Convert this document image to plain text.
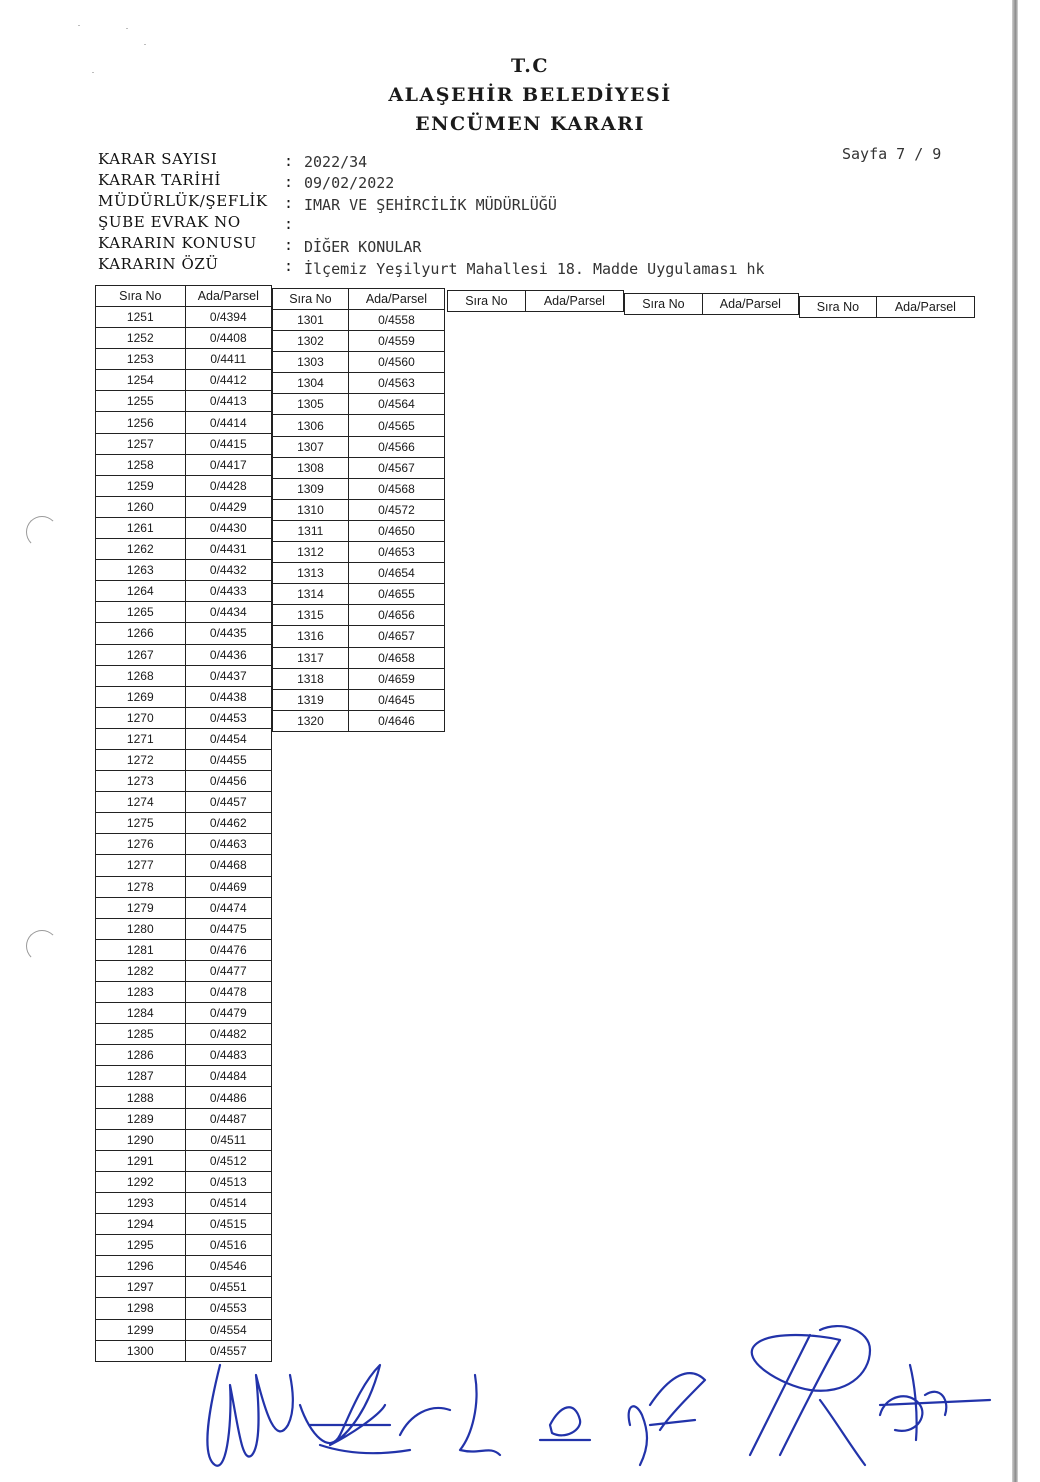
T.C
ALAŞEHİR BELEDİYESİ
ENCÜMEN KARARI
Sayfa 7 / 9
KARAR SAYISI	: 2022/34
KARAR TARİHİ	: 09/02/2022
MÜDÜRLÜK/ŞEFLİK	: IMAR VE ŞEHİRCİLİK MÜDÜRLÜĞÜ
ŞUBE EVRAK NO	:
KARARIN KONUSU	: DİĞER KONULAR
KARARIN ÖZÜ	: İlçemiz Yeşilyurt Mahallesi 18. Madde Uygulaması hk
Sıra No	Ada/Parsel
1251	0/4394
1252	0/4408
1253	0/4411
1254	0/4412
1255	0/4413
1256	0/4414
1257	0/4415
1258	0/4417
1259	0/4428
1260	0/4429
1261	0/4430
1262	0/4431
1263	0/4432
1264	0/4433
1265	0/4434
1266	0/4435
1267	0/4436
1268	0/4437
1269	0/4438
1270	0/4453
1271	0/4454
1272	0/4455
1273	0/4456
1274	0/4457
1275	0/4462
1276	0/4463
1277	0/4468
1278	0/4469
1279	0/4474
1280	0/4475
1281	0/4476
1282	0/4477
1283	0/4478
1284	0/4479
1285	0/4482
1286	0/4483
1287	0/4484
1288	0/4486
1289	0/4487
1290	0/4511
1291	0/4512
1292	0/4513
1293	0/4514
1294	0/4515
1295	0/4516
1296	0/4546
1297	0/4551
1298	0/4553
1299	0/4554
1300	0/4557
Sıra No	Ada/Parsel
1301	0/4558
1302	0/4559
1303	0/4560
1304	0/4563
1305	0/4564
1306	0/4565
1307	0/4566
1308	0/4567
1309	0/4568
1310	0/4572
1311	0/4650
1312	0/4653
1313	0/4654
1314	0/4655
1315	0/4656
1316	0/4657
1317	0/4658
1318	0/4659
1319	0/4645
1320	0/4646
Sıra No	Ada/Parsel	Sıra No	Ada/Parsel	Sıra No	Ada/Parsel
